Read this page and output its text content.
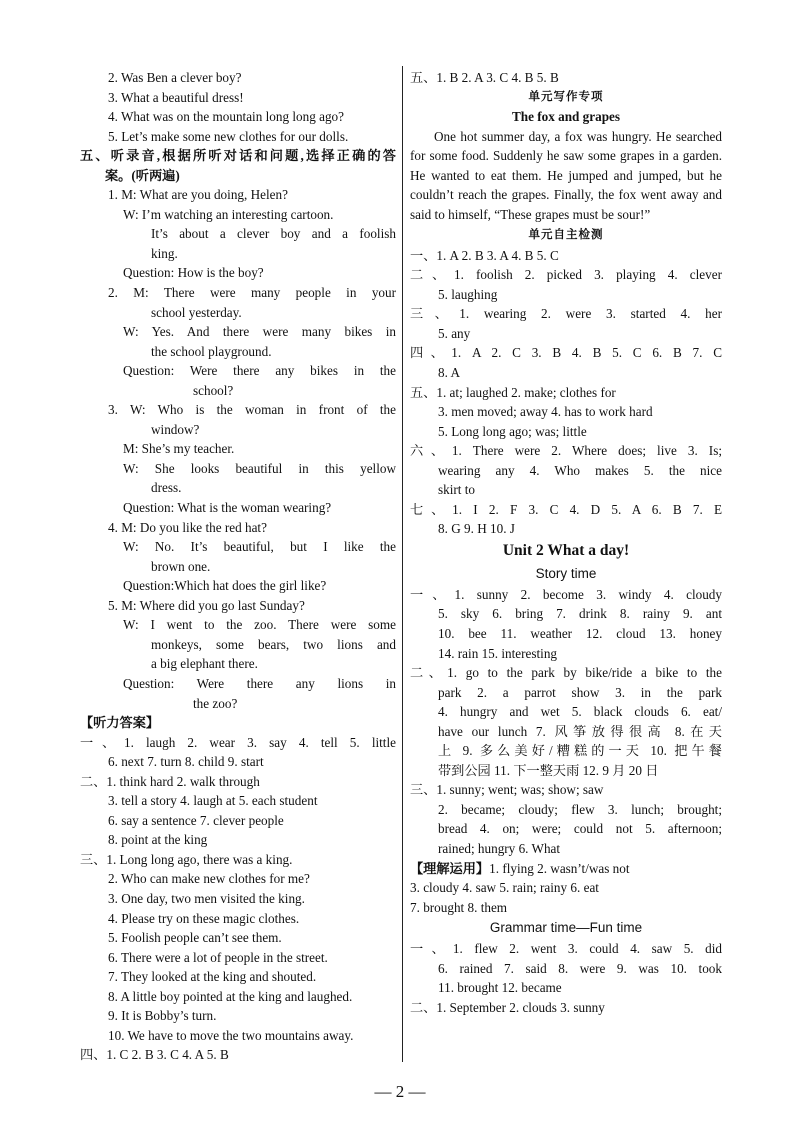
2. Was Ben a clever boy?
3. What a beautiful dress!
4. What was on the mountain long long ago?
5. Let’s make some new clothes for our dolls.
五、听录音,根据所听对话和问题,选择正确的答
案。(听两遍)
1. M: What are you doing, Helen?
W: I’m watching an interesting cartoon.
It’s about a clever boy and a foolish
king.
Question: How is the boy?
2. M: There were many people in your
school yesterday.
W: Yes. And there were many bikes in
the school playground.
Question: Were there any bikes in the
school?
3. W: Who is the woman in front of the
window?
M: She’s my teacher.
W: She looks beautiful in this yellow
dress.
Question: What is the woman wearing?
4. M: Do you like the red hat?
W: No. It’s beautiful, but I like the
brown one.
Question:Which hat does the girl like?
5. M: Where did you go last Sunday?
W: I went to the zoo. There were some
monkeys, some bears, two lions and
a big elephant there.
Question: Were there any lions in
the zoo?
【听力答案】
一、1. laugh 2. wear 3. say 4. tell 5. little
6. next 7. turn 8. child 9. start
二、1. think hard 2. walk through
3. tell a story 4. laugh at 5. each student
6. say a sentence 7. clever people
8. point at the king
三、1. Long long ago, there was a king.
2. Who can make new clothes for me?
3. One day, two men visited the king.
4. Please try on these magic clothes.
5. Foolish people can’t see them.
6. There were a lot of people in the street.
7. They looked at the king and shouted.
8. A little boy pointed at the king and laughed.
9. It is Bobby’s turn.
10. We have to move the two mountains away.
四、1. C 2. B 3. C 4. A 5. B
五、1. B 2. A 3. C 4. B 5. B
单元写作专项
The fox and grapes
One hot summer day, a fox was hungry. He searched for some food. Suddenly he saw some grapes in a garden. He wanted to eat them. He jumped and jumped, but he couldn’t reach the grapes. Finally, the fox went away and said to himself, “These grapes must be sour!”
单元自主检测
一、1. A 2. B 3. A 4. B 5. C
二、1. foolish 2. picked 3. playing 4. clever
5. laughing
三、1. wearing 2. were 3. started 4. her
5. any
四、1. A 2. C 3. B 4. B 5. C 6. B 7. C
8. A
五、1. at; laughed 2. make; clothes for
3. men moved; away 4. has to work hard
5. Long long ago; was; little
六、1. There were 2. Where does; live 3. Is;
wearing any 4. Who makes 5. the nice
skirt to
七、1. I 2. F 3. C 4. D 5. A 6. B 7. E
8. G 9. H 10. J
Unit 2 What a day!
Story time
一、1. sunny 2. become 3. windy 4. cloudy
5. sky 6. bring 7. drink 8. rainy 9. ant
10. bee 11. weather 12. cloud 13. honey
14. rain 15. interesting
二、1. go to the park by bike/ride a bike to the
park 2. a parrot show 3. in the park
4. hungry and wet 5. black clouds 6. eat/
have our lunch 7. 风筝放得很高 8.在天
上 9. 多么美好/糟糕的一天 10. 把午餐
带到公园 11. 下一整天雨 12. 9 月 20 日
三、1. sunny; went; was; show; saw
2. became; cloudy; flew 3. lunch; brought;
bread 4. on; were; could not 5. afternoon;
rained; hungry 6. What
【理解运用】1. flying 2. wasn’t/was not
3. cloudy 4. saw 5. rain; rainy 6. eat
7. brought 8. them
Grammar time—Fun time
一、1. flew 2. went 3. could 4. saw 5. did
6. rained 7. said 8. were 9. was 10. took
11. brought 12. became
二、1. September 2. clouds 3. sunny
— 2 —
